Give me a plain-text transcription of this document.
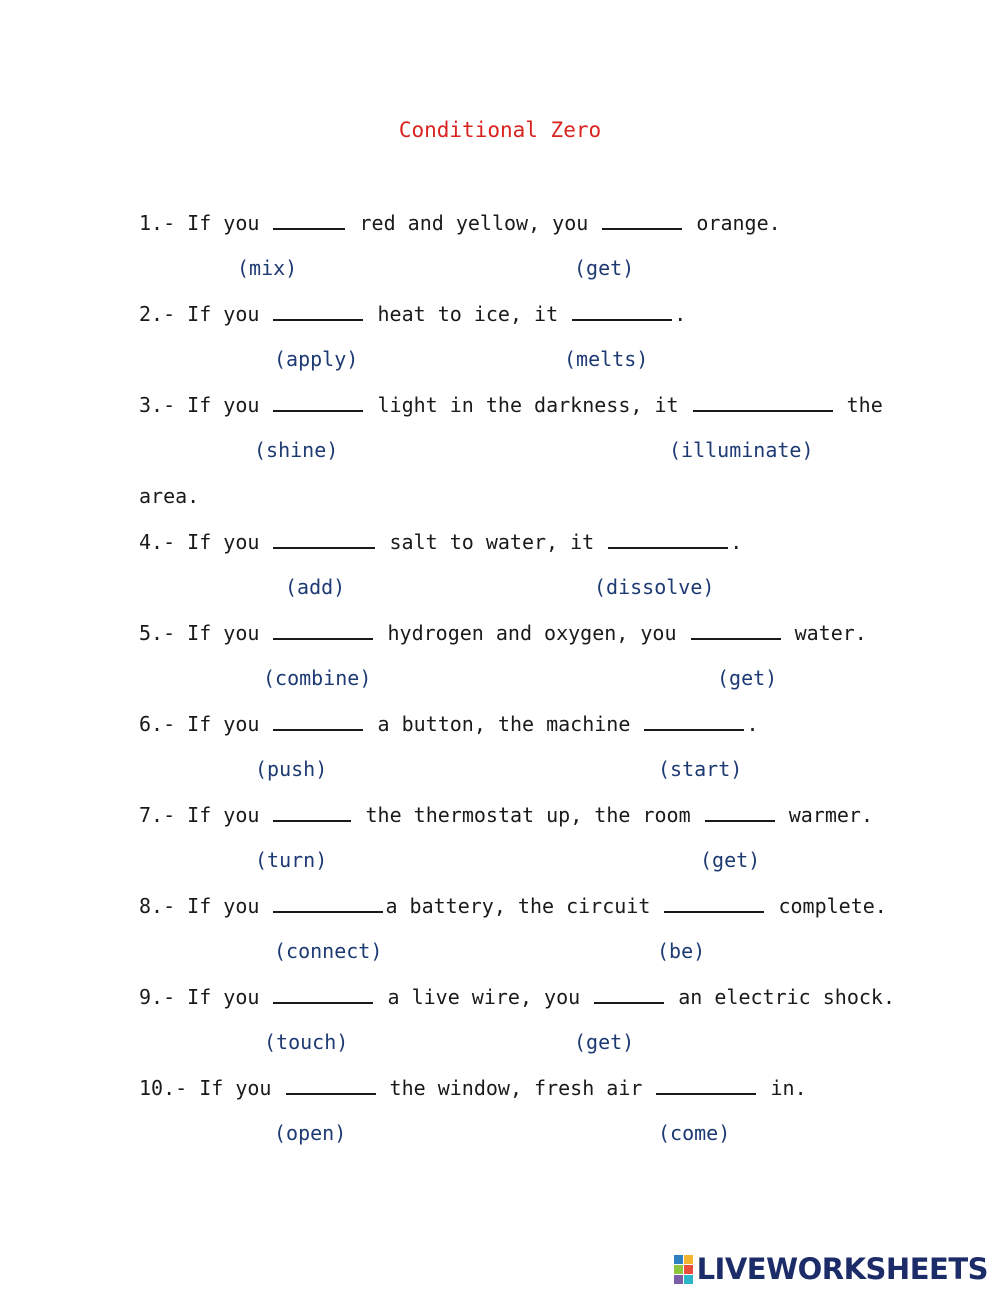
Conditional Zero
1.- If you	red and yellow, you	orange.
(mix)	(get)
2.- If you	heat to ice, it	.
(apply)	(melts)
3.- If you	light in the darkness, it	the
(shine)	(illuminate)
area.
4.- If you	salt to water, it	.
(add)	(dissolve)
5.- If you	hydrogen and oxygen, you	water.
(combine)	(get)
6.- If you	a button, the machine	.
(push)	(start)
7.- If you	the thermostat up, the room	warmer.
(turn)	(get)
8.- If you	a battery, the circuit	complete.
(connect)	(be)
9.- If you	a live wire, you	an electric shock.
(touch)	(get)
10.- If you	the window, fresh air	in.
(open)	(come)
LIVEWORKSHEETS
